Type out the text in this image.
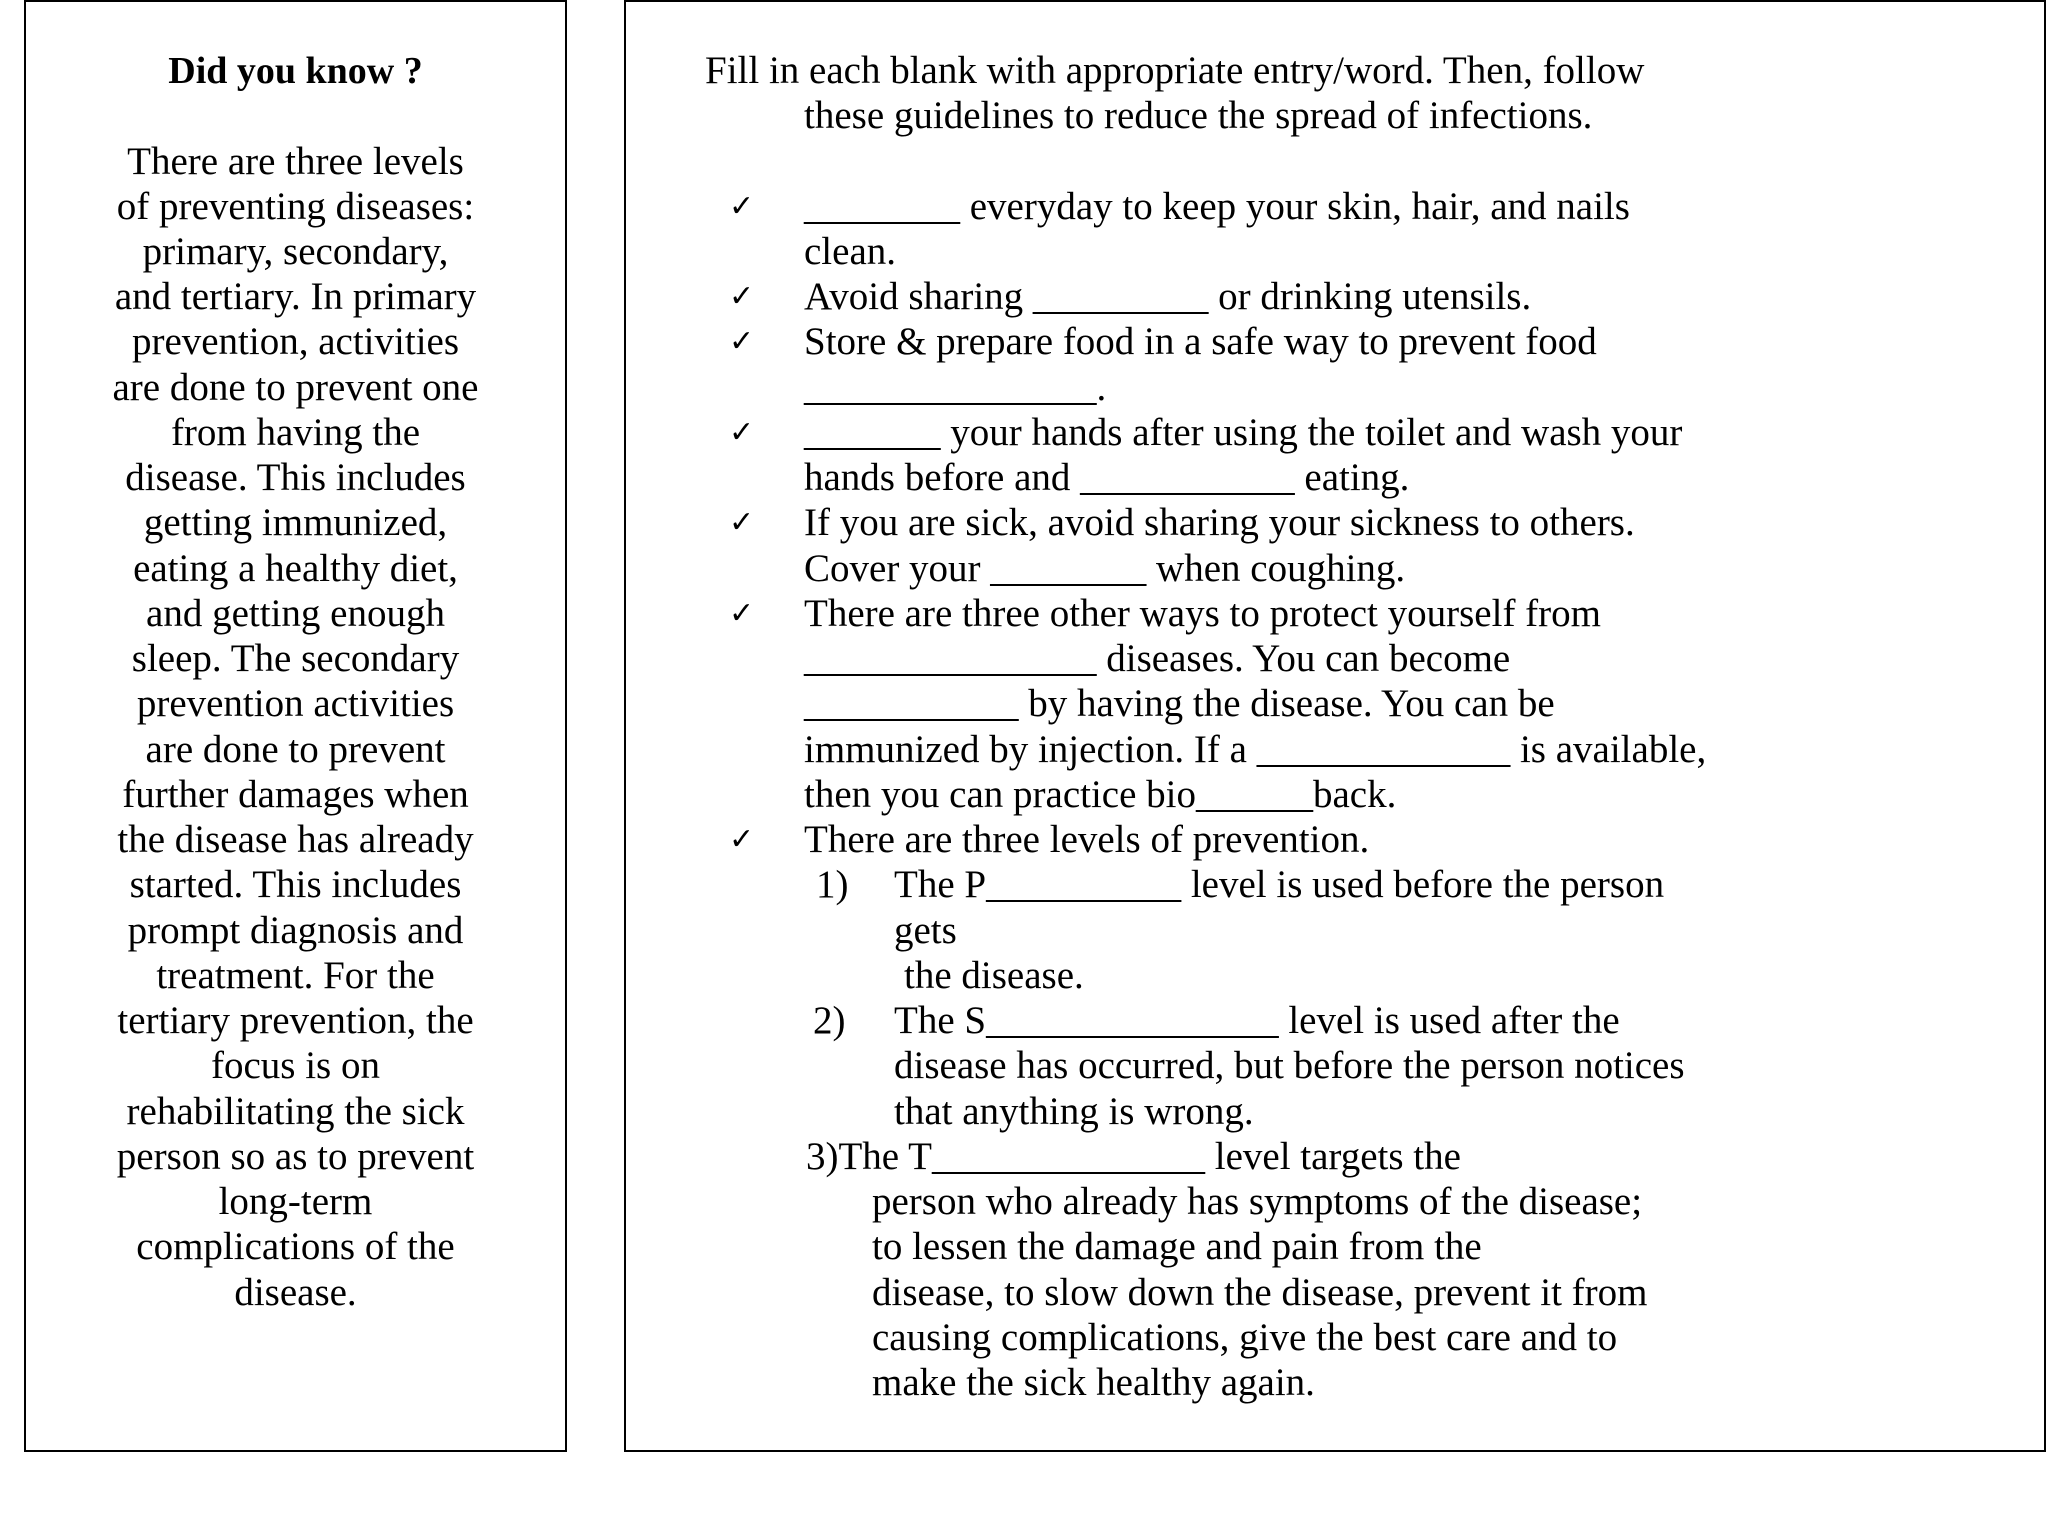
Did you know ?
There are three levels
of preventing diseases:
primary, secondary,
and tertiary. In primary
prevention, activities
are done to prevent one
from having the
disease. This includes
getting immunized,
eating a healthy diet,
and getting enough
sleep. The secondary
prevention activities
are done to prevent
further damages when
the disease has already
started. This includes
prompt diagnosis and
treatment. For the
tertiary prevention, the
focus is on
rehabilitating the sick
person so as to prevent
long-term
complications of the
disease.
Fill in each blank with appropriate entry/word. Then, follow
these guidelines to reduce the spread of infections.
✓
✓
✓
✓
✓
✓
✓
________ everyday to keep your skin, hair, and nails
clean.
Avoid sharing _________ or drinking utensils.
Store & prepare food in a safe way to prevent food
_______________.
_______ your hands after using the toilet and wash your
hands before and ___________ eating.
If you are sick, avoid sharing your sickness to others.
Cover your ________ when coughing.
There are three other ways to protect yourself from
_______________ diseases. You can become
___________ by having the disease. You can be
immunized by injection. If a _____________ is available,
then you can practice bio______back.
There are three levels of prevention.
1) The P__________ level is used before the person
gets
the disease.
2) The S_______________ level is used after the
disease has occurred, but before the person notices
that anything is wrong.
3)The T______________ level targets the
person who already has symptoms of the disease;
to lessen the damage and pain from the
disease, to slow down the disease, prevent it from
causing complications, give the best care and to
make the sick healthy again.
